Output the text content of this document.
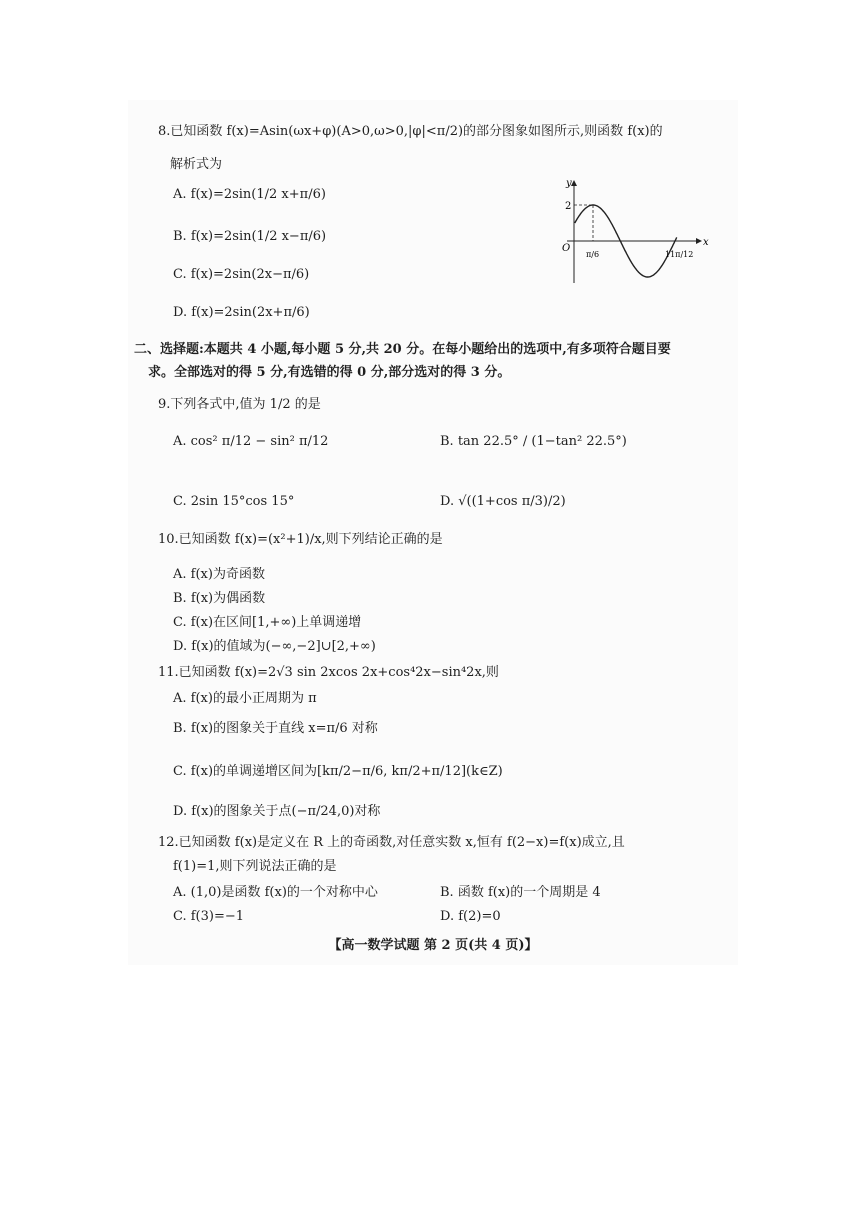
8.已知函数 f(x)=Asin(ωx+φ)(A>0,ω>0,|φ|<π/2)的部分图象如图所示,则函数 f(x)的
解析式为
A. f(x)=2sin(1/2 x+π/6)
B. f(x)=2sin(1/2 x−π/6)
C. f(x)=2sin(2x−π/6)
D. f(x)=2sin(2x+π/6)
y
x
O
2
π/6	11π/12
二、选择题:本题共 4 小题,每小题 5 分,共 20 分。在每小题给出的选项中,有多项符合题目要
求。全部选对的得 5 分,有选错的得 0 分,部分选对的得 3 分。
9.下列各式中,值为 1/2 的是
A. cos² π/12 − sin² π/12	B. tan 22.5° / (1−tan² 22.5°)
C. 2sin 15°cos 15°	D. √((1+cos π/3)/2)
10.已知函数 f(x)=(x²+1)/x,则下列结论正确的是
A. f(x)为奇函数
B. f(x)为偶函数
C. f(x)在区间[1,+∞)上单调递增
D. f(x)的值域为(−∞,−2]∪[2,+∞)
11.已知函数 f(x)=2√3 sin 2xcos 2x+cos⁴2x−sin⁴2x,则
A. f(x)的最小正周期为 π
B. f(x)的图象关于直线 x=π/6 对称
C. f(x)的单调递增区间为[kπ/2−π/6, kπ/2+π/12](k∈Z)
D. f(x)的图象关于点(−π/24,0)对称
12.已知函数 f(x)是定义在 R 上的奇函数,对任意实数 x,恒有 f(2−x)=f(x)成立,且
f(1)=1,则下列说法正确的是
A. (1,0)是函数 f(x)的一个对称中心	B. 函数 f(x)的一个周期是 4
C. f(3)=−1	D. f(2)=0
【高一数学试题 第 2 页(共 4 页)】
